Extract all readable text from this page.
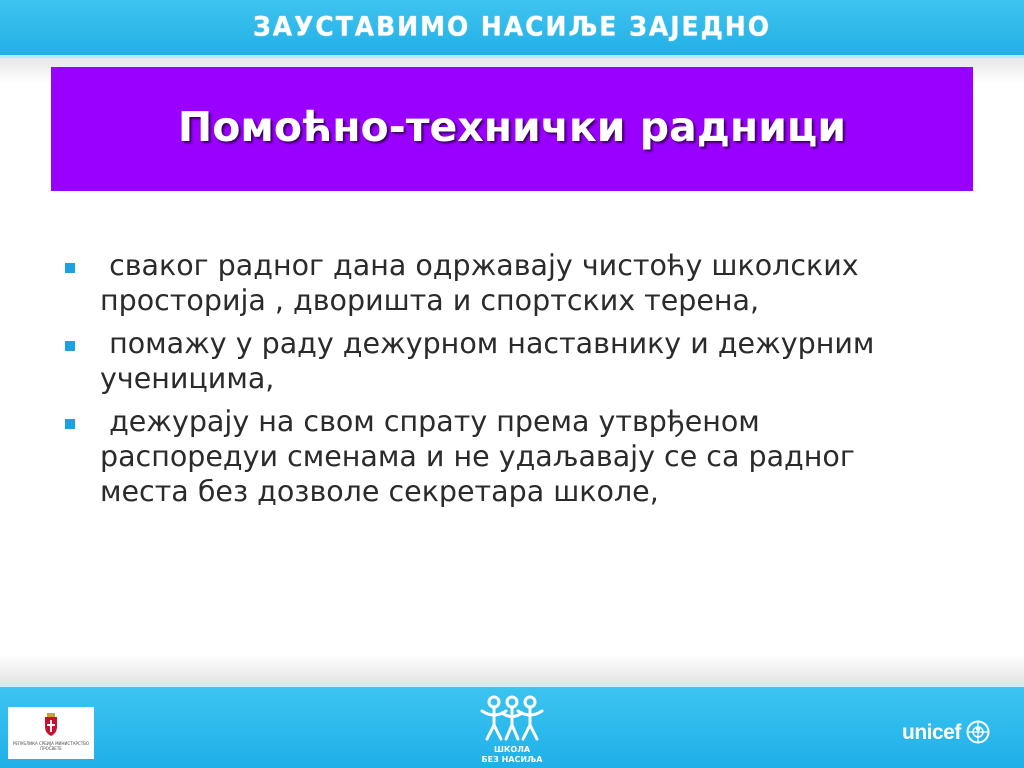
ЗАУСТАВИМО НАСИЉЕ ЗАЈЕДНО
Помоћно-технички радници
сваког радног дана одржавају чистоћу школских
просторија , дворишта и спортских терена,
помажу у раду дежурном наставнику и дежурним
ученицима,
дежурају на свом спрату према утврђеном
распоредуи сменама и не удаљавају се са радног
места без дозволе секретара школе,
РЕПУБЛИКА СРБИЈА МИНИСТАРСТВО ПРОСВЕТЕ	ШКОЛА
БЕЗ НАСИЉА
unicef
